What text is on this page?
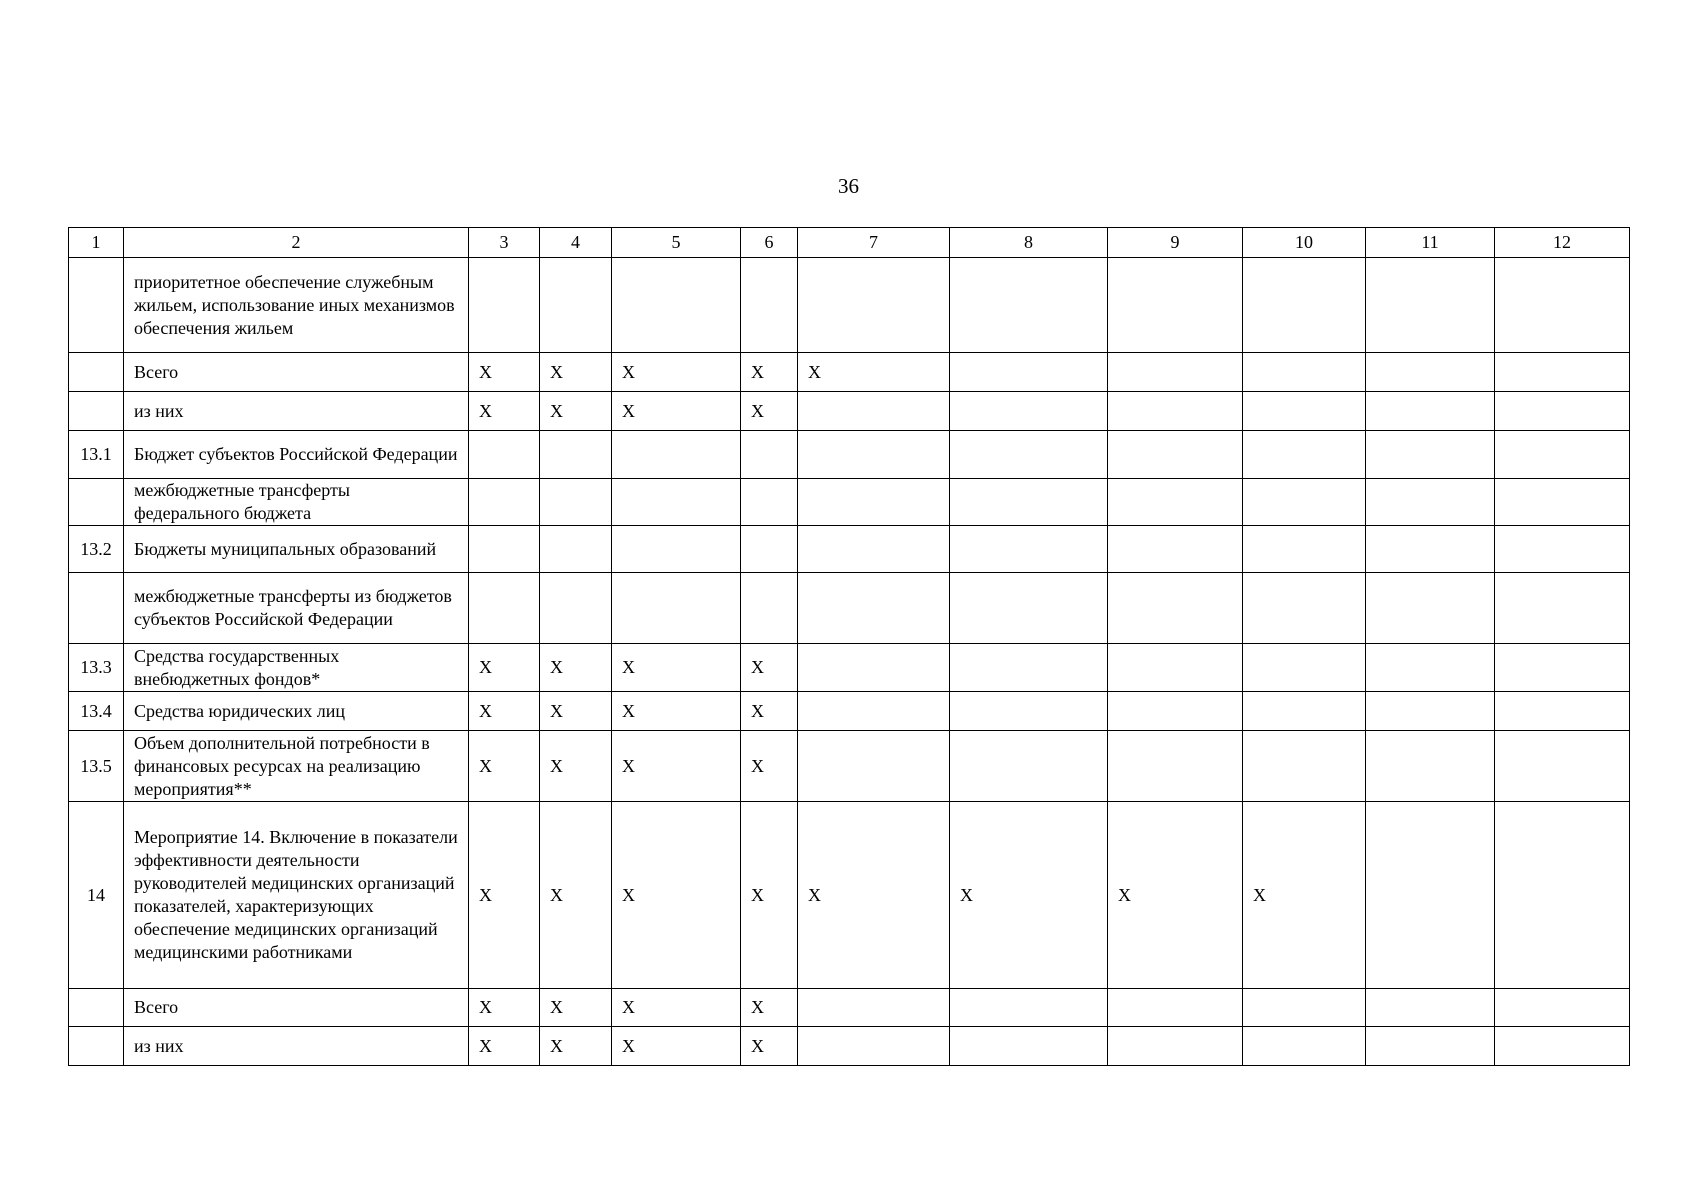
36
1	2	3	4	5	6	7	8	9	10	11	12
	приоритетное обеспечение служебным жильем, использование иных механизмов обеспечения жильем										
	Всего	X	X	X	X	X					
	из них	X	X	X	X						
13.1	Бюджет субъектов Российской Федерации										
	межбюджетные трансферты федерального бюджета										
13.2	Бюджеты муниципальных образований										
	межбюджетные трансферты из бюджетов субъектов Российской Федерации										
13.3	Средства государственных внебюджетных фондов*	X	X	X	X						
13.4	Средства юридических лиц	X	X	X	X						
13.5	Объем дополнительной потребности в финансовых ресурсах на реализацию мероприятия**	X	X	X	X						
14	Мероприятие 14. Включение в показатели эффективности деятельности руководителей медицинских организаций показателей, характеризующих обеспечение медицинских организаций медицинскими работниками	X	X	X	X	X	X	X	X		
	Всего	X	X	X	X						
	из них	X	X	X	X						
